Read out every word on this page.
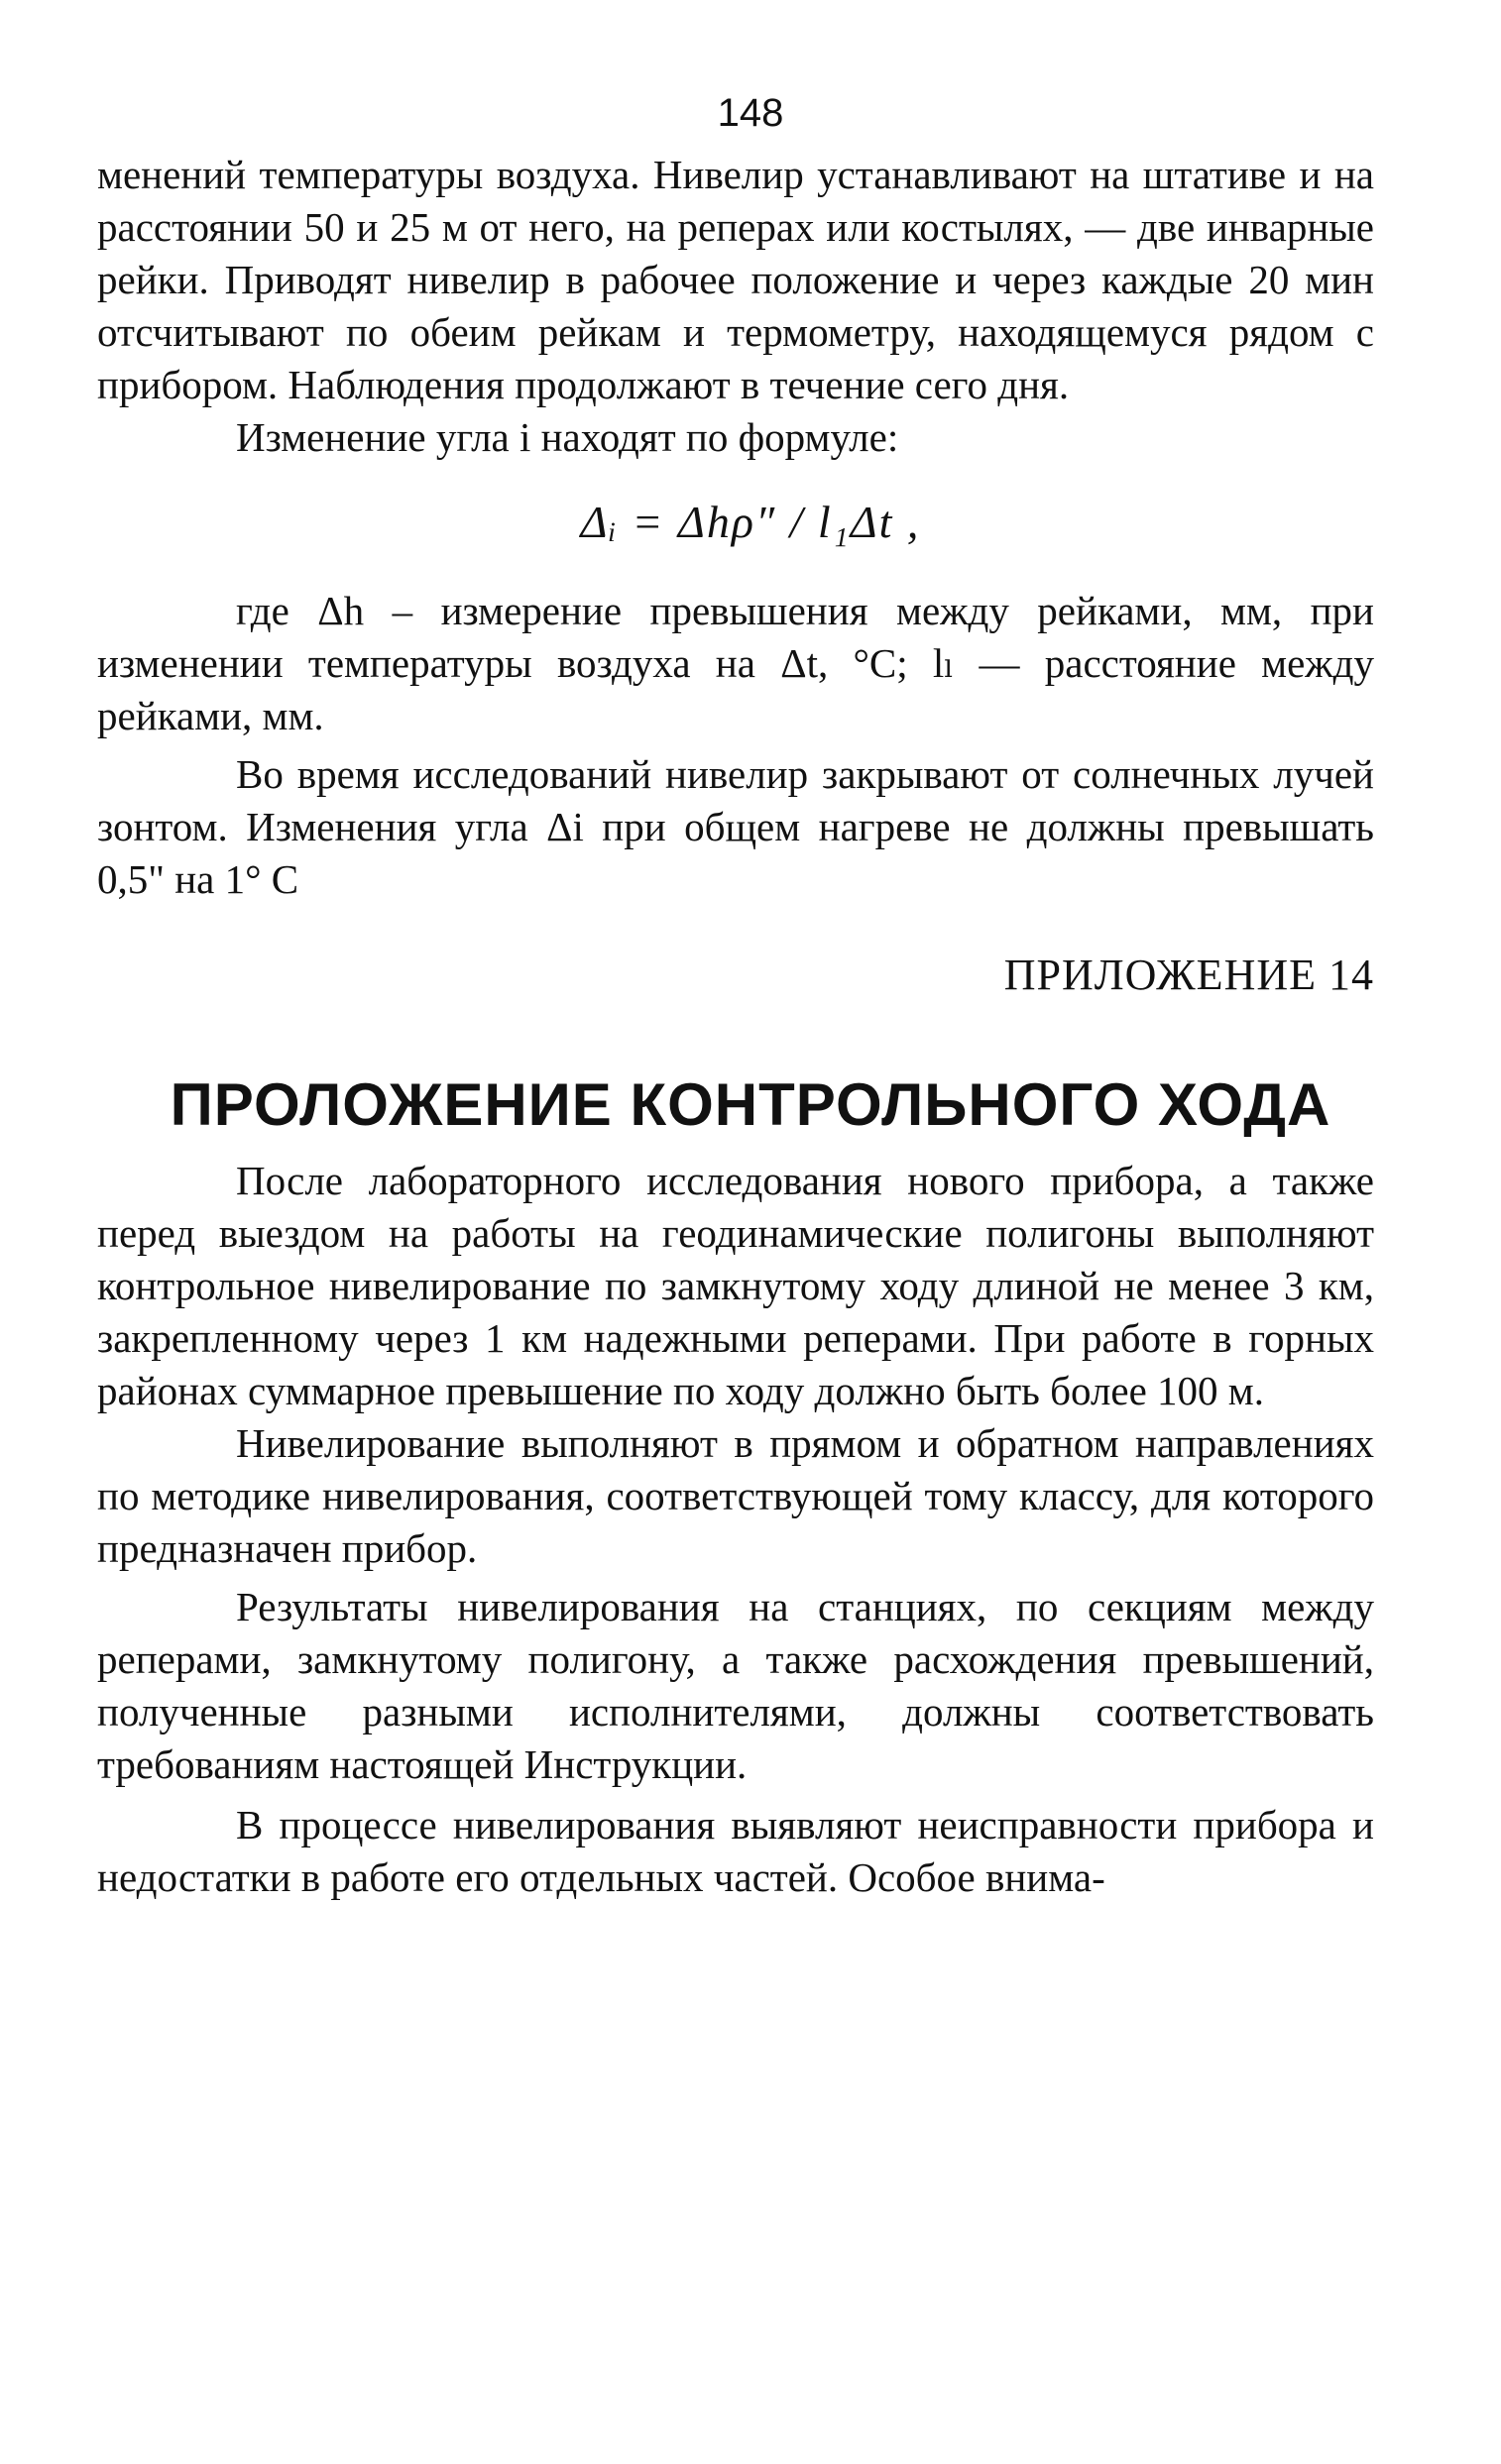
148

менений температуры воздуха. Нивелир устанавливают на штативе и на расстоянии 50 и 25 м от него, на реперах или костылях, — две инварные рейки. Приводят нивелир в рабочее положение и через каждые 20 мин отсчитывают по обеим рейкам и термометру, находящемуся рядом с прибором. Наблюдения продолжают в течение сего дня.

Изменение угла i находят по формуле:

Δᵢ = Δhρ″ / l₁Δt ,

где Δh – измерение превышения между рейками, мм, при изменении температуры воздуха на Δt, °C; lₗ — расстояние между рейками, мм.

Во время исследований нивелир закрывают от солнечных лучей зонтом. Изменения угла Δi при общем нагреве не должны превышать 0,5" на 1° C

ПРИЛОЖЕНИЕ 14
ПРОЛОЖЕНИЕ КОНТРОЛЬНОГО ХОДА

После лабораторного исследования нового прибора, а также перед выездом на работы на геодинамические полигоны выполняют контрольное нивелирование по замкнутому ходу длиной не менее 3 км, закрепленному через 1 км надежными реперами. При работе в горных районах суммарное превышение по ходу должно быть более 100 м.

Нивелирование выполняют в прямом и обратном направлениях по методике нивелирования, соответствующей тому классу, для которого предназначен прибор.

Результаты нивелирования на станциях, по секциям между реперами, замкнутому полигону, а также расхождения превышений, полученные разными исполнителями, должны соответствовать требованиям настоящей Инструкции.

В процессе нивелирования выявляют неисправности прибора и недостатки в работе его отдельных частей. Особое внима-
